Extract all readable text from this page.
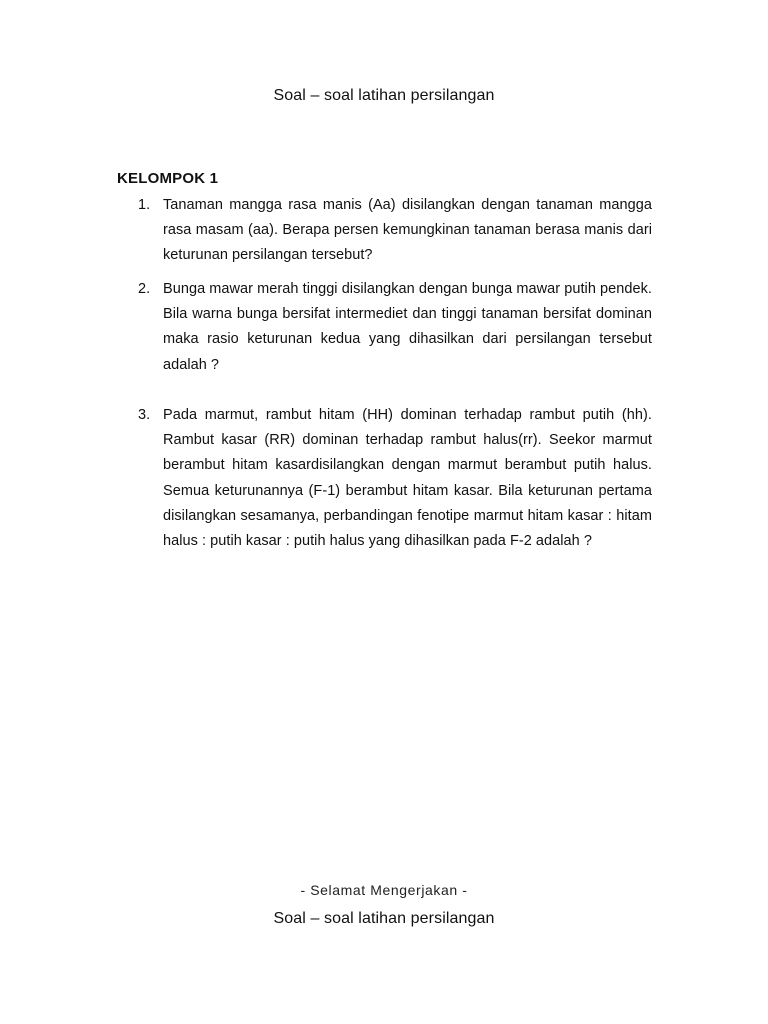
Soal – soal latihan persilangan
KELOMPOK 1
1. Tanaman mangga rasa manis (Aa) disilangkan dengan tanaman mangga rasa masam (aa). Berapa persen kemungkinan tanaman berasa manis dari keturunan persilangan tersebut?
2. Bunga mawar merah tinggi disilangkan dengan bunga mawar putih pendek. Bila warna bunga bersifat intermediet dan tinggi tanaman bersifat dominan maka rasio keturunan kedua yang dihasilkan dari persilangan tersebut adalah ?
3. Pada marmut, rambut hitam (HH) dominan terhadap rambut putih (hh). Rambut kasar (RR) dominan terhadap rambut halus(rr). Seekor marmut berambut hitam kasardisilangkan dengan marmut berambut putih halus. Semua keturunannya (F-1) berambut hitam kasar. Bila keturunan pertama disilangkan sesamanya, perbandingan fenotipe marmut hitam kasar : hitam halus : putih kasar : putih halus yang dihasilkan pada F-2 adalah ?
- Selamat Mengerjakan -
Soal – soal latihan persilangan
